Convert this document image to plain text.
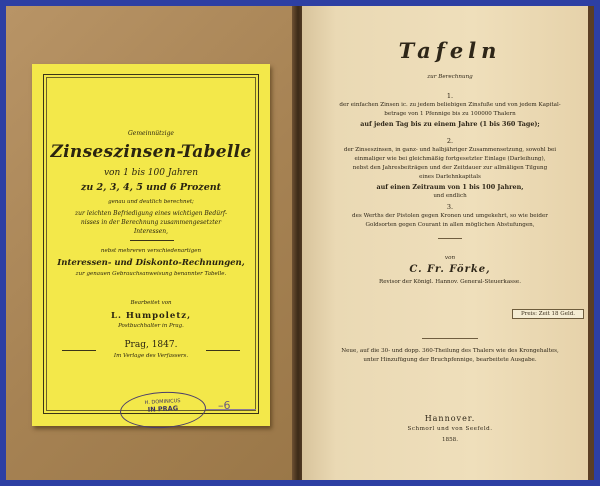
Gemeinnützige
Zinseszinsen-Tabelle
von 1 bis 100 Jahren
zu 2, 3, 4, 5 und 6 Prozent
genau und deutlich berechnet;
zur leichten Befriedigung eines wichtigen Bedürf-
nisses in der Berechnung zusammengesetzter
Interessen,
nebst mehreren verschiedenartigen
Interessen- und Diskonto-Rechnungen,
zur genauen Gebrauchsanweisung benannter Tabelle.
Bearbeitet von
L. Humpoletz,
Postbuchhalter in Prag.
Prag, 1847.
Im Verlage des Verfassers.
H. DOMINICUS
IN PRAG	–6
Tafeln
zur Berechnung
1.
der einfachen Zinsen ic. zu jedem beliebigen Zinsfuße und von jedem Kapital-
betrage von 1 Pfennige bis zu 100000 Thalern
auf jeden Tag bis zu einem Jahre (1 bis 360 Tage);
2.
der Zinseszinsen, in ganz- und halbjähriger Zusammensetzung, sowohl bei
einmaliger wie bei gleichmäßig fortgesetzter Einlage (Darleihung),
nebst den Jahresbeiträgen und der Zeitdauer zur allmäligen Tilgung
eines Darlehnkapitals
auf einen Zeitraum von 1 bis 100 Jahren,
und endlich
3.
des Werths der Pistolen gegen Kronen und umgekehrt, so wie beider
Goldsorten gegen Courant in allen möglichen Abstufungen,
von
C. Fr. Förke,
Revisor der Königl. Hannov. General-Steuerkasse.
Preis: Zeit 18 Geld.
Neue, auf die 30- und dopp. 360-Theilung des Thalers wie des Krongehaltes,
unter Hinzufügung der Bruchpfennige, bearbeitete Ausgabe.
Hannover.
Schmorl und von Seefeld.
1858.
